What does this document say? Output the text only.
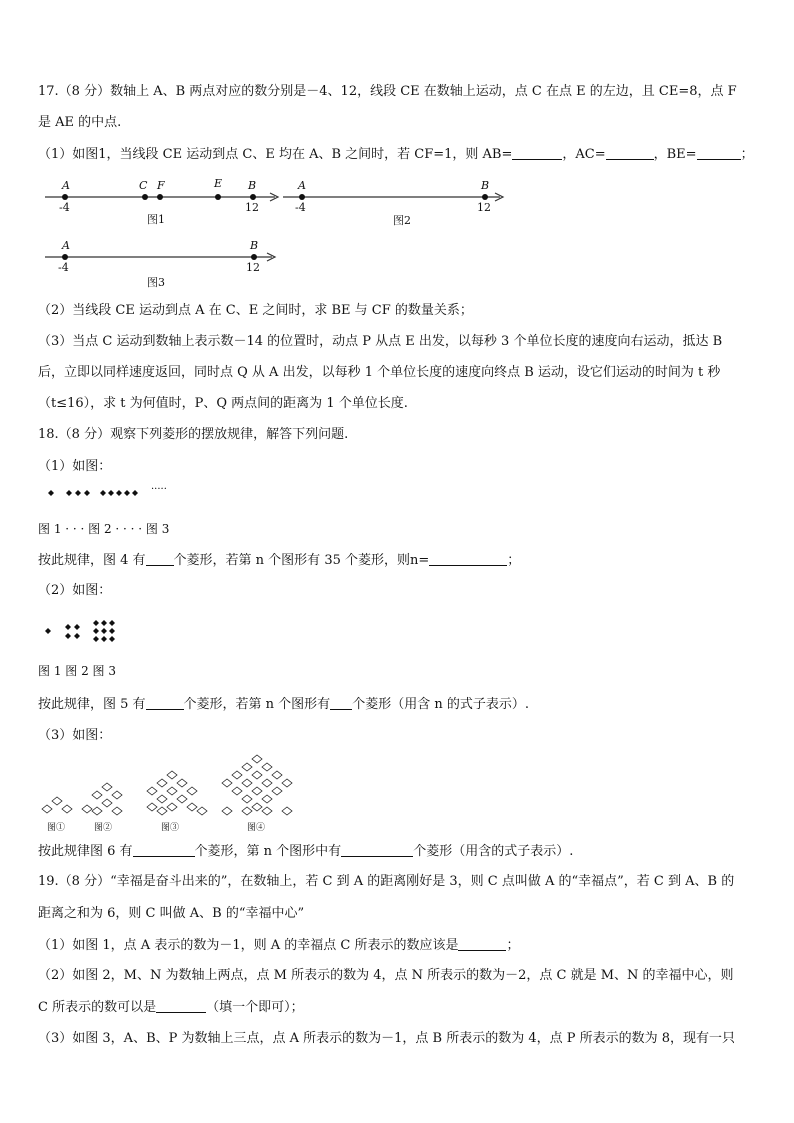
17.（8 分）数轴上 A、B 两点对应的数分别是－4、12，线段 CE 在数轴上运动，点 C 在点 E 的左边，且 CE=8，点 F
是 AE 的中点.
（1）如图1，当线段 CE 运动到点 C、E 均在 A、B 之间时，若 CF=1，则 AB=	，AC=	，BE=	；
A	C F	E B
-4	12
图1
A	B
-4	12
图2
A	B
-4	12
图3
（2）当线段 CE 运动到点 A 在 C、E 之间时，求 BE 与 CF 的数量关系；
（3）当点 C 运动到数轴上表示数－14 的位置时，动点 P 从点 E 出发，以每秒 3 个单位长度的速度向右运动，抵达 B
后，立即以同样速度返回，同时点 Q 从 A 出发，以每秒 1 个单位长度的速度向终点 B 运动，设它们运动的时间为 t 秒
（t≤16），求 t 为何值时，P、Q 两点间的距离为 1 个单位长度.
18.（8 分）观察下列菱形的摆放规律，解答下列问题.
（1）如图：
·····
图 1 · · · 图 2 · · · · 图 3
按此规律，图 4 有 个菱形，若第 n 个图形有 35 个菱形，则n=	；
（2）如图：
图 1 图 2 图 3
按此规律，图 5 有	个菱形，若第 n 个图形有 个菱形（用含 n 的式子表示）.
（3）如图：
图①	图②	图③	图④
按此规律图 6 有	个菱形，第 n 个图形中有	个菱形（用含的式子表示）.
19.（8 分）“幸福是奋斗出来的”，在数轴上，若 C 到 A 的距离刚好是 3，则 C 点叫做 A 的“幸福点”，若 C 到 A、B 的
距离之和为 6，则 C 叫做 A、B 的“幸福中心”
（1）如图 1，点 A 表示的数为－1，则 A 的幸福点 C 所表示的数应该是	；
（2）如图 2，M、N 为数轴上两点，点 M 所表示的数为 4，点 N 所表示的数为－2，点 C 就是 M、N 的幸福中心，则
C 所表示的数可以是	（填一个即可）；
（3）如图 3，A、B、P 为数轴上三点，点 A 所表示的数为－1，点 B 所表示的数为 4，点 P 所表示的数为 8，现有一只
